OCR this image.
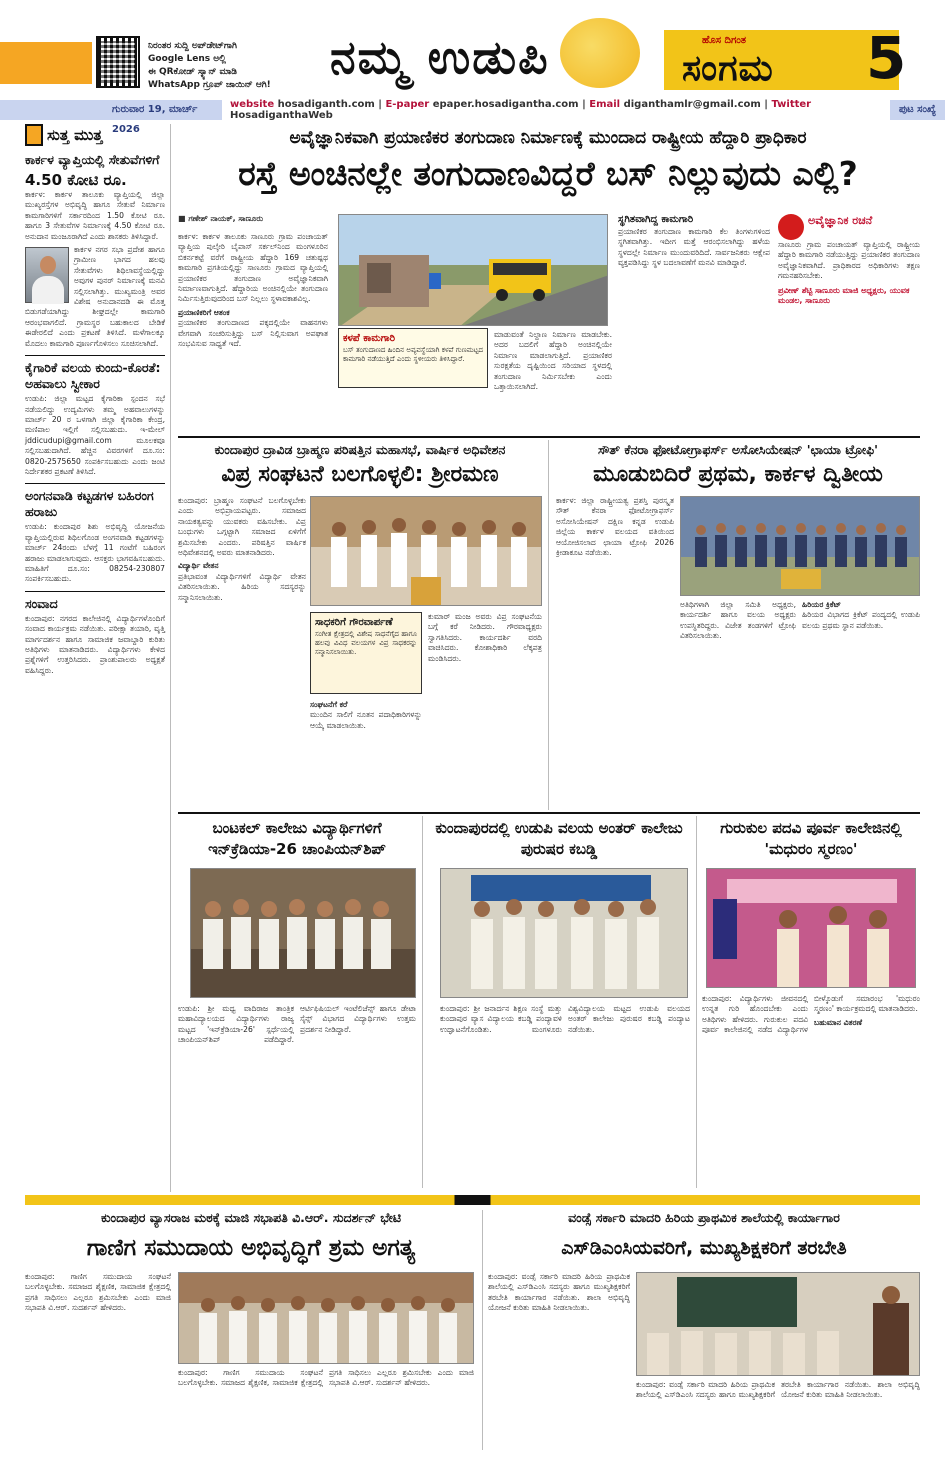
ನಿರಂತರ ಸುದ್ದಿ ಅಪ್‌ಡೇಟ್‌ಗಾಗಿ
Google Lens ಅಲ್ಲಿ
ಈ QRಕೋಡ್ ಸ್ಕ್ಯಾನ್ ಮಾಡಿ
WhatsApp ಗ್ರೂಪ್ ಜಾಯಿನ್ ಆಗಿ!
ನಮ್ಮ ಉಡುಪಿ	ಹೊಸ ದಿಗಂತ
ಸಂಗಮ 5
ಗುರುವಾರ 19, ಮಾರ್ಚ್ 2026
website hosadiganth.com | E-paper epaper.hosadigantha.com | Email diganthamlr@gmail.com | Twitter HosadiganthaWeb
ಪುಟ ಸಂಖ್ಯೆ
ಸುತ್ತ ಮುತ್ತ
ಕಾರ್ಕಳ ವ್ಯಾಪ್ತಿಯಲ್ಲಿ ಸೇತುವೆಗಳಿಗೆ
4.50 ಕೋಟಿ ರೂ.
ಕಾರ್ಕಳ: ಕಾರ್ಕಳ ತಾಲೂಕು ವ್ಯಾಪ್ತಿಯಲ್ಲಿ ಜಿಲ್ಲಾ ಮುಖ್ಯರಸ್ತೆಗಳ ಅಭಿವೃದ್ಧಿ ಹಾಗೂ ಸೇತುವೆ ನಿರ್ಮಾಣ ಕಾಮಗಾರಿಗಳಿಗೆ ಸರ್ಕಾರದಿಂದ 1.50 ಕೋಟಿ ರೂ. ಹಾಗೂ 3 ಸೇತುವೆಗಳ ನಿರ್ಮಾಣಕ್ಕೆ 4.50 ಕೋಟಿ ರೂ. ಅನುದಾನ ಮಂಜೂರಾಗಿದೆ ಎಂದು ಶಾಸಕರು ತಿಳಿಸಿದ್ದಾರೆ.
ಕಾರ್ಕಳ ನಗರ ಸಭಾ ಪ್ರದೇಶ ಹಾಗೂ ಗ್ರಾಮೀಣ ಭಾಗದ ಹಲವು ಸೇತುವೆಗಳು ಶಿಥಿಲಾವಸ್ಥೆಯಲ್ಲಿದ್ದು ಅವುಗಳ ಪುನರ್ ನಿರ್ಮಾಣಕ್ಕೆ ಮನವಿ ಸಲ್ಲಿಸಲಾಗಿತ್ತು. ಮುಖ್ಯಮಂತ್ರಿ ಅವರ ವಿಶೇಷ ಅನುದಾನದಡಿ ಈ ಮೊತ್ತ ಬಿಡುಗಡೆಯಾಗಿದ್ದು ಶೀಘ್ರದಲ್ಲೇ ಕಾಮಗಾರಿ ಆರಂಭವಾಗಲಿದೆ. ಗ್ರಾಮಸ್ಥರ ಬಹುಕಾಲದ ಬೇಡಿಕೆ ಈಡೇರಲಿದೆ ಎಂದು ಪ್ರಕಟಣೆ ತಿಳಿಸಿದೆ. ಮಳೆಗಾಲಕ್ಕೂ ಮೊದಲು ಕಾಮಗಾರಿ ಪೂರ್ಣಗೊಳಿಸಲು ಸೂಚಿಸಲಾಗಿದೆ.
ಕೈಗಾರಿಕೆ ವಲಯ ಕುಂದು-ಕೊರತೆ: ಅಹವಾಲು ಸ್ವೀಕಾರ
ಉಡುಪಿ: ಜಿಲ್ಲಾ ಮಟ್ಟದ ಕೈಗಾರಿಕಾ ಸ್ಪಂದನ ಸಭೆ ನಡೆಯಲಿದ್ದು ಉದ್ಯಮಿಗಳು ತಮ್ಮ ಅಹವಾಲುಗಳನ್ನು ಮಾರ್ಚ್ 20 ರ ಒಳಗಾಗಿ ಜಿಲ್ಲಾ ಕೈಗಾರಿಕಾ ಕೇಂದ್ರ, ಮಣಿಪಾಲ ಇಲ್ಲಿಗೆ ಸಲ್ಲಿಸಬಹುದು. ಇ-ಮೇಲ್ jddicudupi@gmail.com ಮೂಲಕವೂ ಸಲ್ಲಿಸಬಹುದಾಗಿದೆ. ಹೆಚ್ಚಿನ ವಿವರಗಳಿಗೆ ದೂ.ಸಂ: 0820-2575650 ಸಂಪರ್ಕಿಸಬಹುದು ಎಂದು ಜಂಟಿ ನಿರ್ದೇಶಕರ ಪ್ರಕಟಣೆ ತಿಳಿಸಿದೆ.
ಅಂಗನವಾಡಿ ಕಟ್ಟಡಗಳ ಬಹಿರಂಗ ಹರಾಜು
ಉಡುಪಿ: ಕುಂದಾಪುರ ಶಿಶು ಅಭಿವೃದ್ಧಿ ಯೋಜನೆಯ ವ್ಯಾಪ್ತಿಯಲ್ಲಿರುವ ಶಿಥಿಲಗೊಂಡ ಅಂಗನವಾಡಿ ಕಟ್ಟಡಗಳನ್ನು ಮಾರ್ಚ್ 24ರಂದು ಬೆಳಗ್ಗೆ 11 ಗಂಟೆಗೆ ಬಹಿರಂಗ ಹರಾಜು ಮಾಡಲಾಗುವುದು. ಆಸಕ್ತರು ಭಾಗವಹಿಸಬಹುದು. ಮಾಹಿತಿಗೆ ದೂ.ಸಂ: 08254-230807 ಸಂಪರ್ಕಿಸಬಹುದು.
ಸಂವಾದ
ಕುಂದಾಪುರ: ನಗರದ ಕಾಲೇಜಿನಲ್ಲಿ ವಿದ್ಯಾರ್ಥಿಗಳೊಂದಿಗೆ ಸಂವಾದ ಕಾರ್ಯಕ್ರಮ ನಡೆಯಿತು. ಪರೀಕ್ಷಾ ತಯಾರಿ, ವೃತ್ತಿ ಮಾರ್ಗದರ್ಶನ ಹಾಗೂ ಸಾಮಾಜಿಕ ಜವಾಬ್ದಾರಿ ಕುರಿತು ಅತಿಥಿಗಳು ಮಾತನಾಡಿದರು. ವಿದ್ಯಾರ್ಥಿಗಳು ಕೇಳಿದ ಪ್ರಶ್ನೆಗಳಿಗೆ ಉತ್ತರಿಸಿದರು. ಪ್ರಾಂಶುಪಾಲರು ಅಧ್ಯಕ್ಷತೆ ವಹಿಸಿದ್ದರು.
ಅವೈಜ್ಞಾನಿಕವಾಗಿ ಪ್ರಯಾಣಿಕರ ತಂಗುದಾಣ ನಿರ್ಮಾಣಕ್ಕೆ ಮುಂದಾದ ರಾಷ್ಟ್ರೀಯ ಹೆದ್ದಾರಿ ಪ್ರಾಧಿಕಾರ
ರಸ್ತೆ ಅಂಚಿನಲ್ಲೇ ತಂಗುದಾಣವಿದ್ದರೆ ಬಸ್ ನಿಲ್ಲುವುದು ಎಲ್ಲಿ?
■ ಗಣೇಶ್ ನಾಯಕ್, ಸಾಣೂರು
ಕಾರ್ಕಳ: ಕಾರ್ಕಳ ತಾಲೂಕು ಸಾಣೂರು ಗ್ರಾಮ ಪಂಚಾಯತ್ ವ್ಯಾಪ್ತಿಯ ಪುಲ್ಕೇರಿ ಬೈಪಾಸ್ ಸರ್ಕಲ್‌ನಿಂದ ಮಂಗಳೂರಿನ ಬಿಕರ್ನಕಟ್ಟೆ ವರೆಗೆ ರಾಷ್ಟ್ರೀಯ ಹೆದ್ದಾರಿ 169 ಚತುಷ್ಪಥ ಕಾಮಗಾರಿ ಪ್ರಗತಿಯಲ್ಲಿದ್ದು ಸಾಣೂರು ಗ್ರಾಮದ ವ್ಯಾಪ್ತಿಯಲ್ಲಿ ಪ್ರಯಾಣಿಕರ ತಂಗುದಾಣ ಅವೈಜ್ಞಾನಿಕವಾಗಿ ನಿರ್ಮಾಣವಾಗುತ್ತಿದೆ. ಹೆದ್ದಾರಿಯ ಅಂಚಿನಲ್ಲಿಯೇ ತಂಗುದಾಣ ನಿರ್ಮಿಸುತ್ತಿರುವುದರಿಂದ ಬಸ್ ನಿಲ್ಲಲು ಸ್ಥಳಾವಕಾಶವಿಲ್ಲ.
ಪ್ರಯಾಣಿಕರಿಗೆ ಆತಂಕ
ಪ್ರಯಾಣಿಕರ ತಂಗುದಾಣದ ಪಕ್ಕದಲ್ಲಿಯೇ ವಾಹನಗಳು ವೇಗವಾಗಿ ಸಂಚರಿಸುತ್ತಿದ್ದು ಬಸ್ ನಿಲ್ಲಿಸುವಾಗ ಅಪಘಾತ ಸಂಭವಿಸುವ ಸಾಧ್ಯತೆ ಇದೆ.	ಕಳಪೆ ಕಾಮಗಾರಿ
ಬಸ್ ತಂಗುದಾಣದ ಹಿಂದಿನ ಅವ್ಯವಸ್ಥೆಯಾಗಿ ಕಳಪೆ ಗುಣಮಟ್ಟದ ಕಾಮಗಾರಿ ನಡೆಯುತ್ತಿದೆ ಎಂದು ಸ್ಥಳೀಯರು ತಿಳಿಸಿದ್ದಾರೆ.
ಮಾಡುವಂತೆ ನಿಲ್ದಾಣ ನಿರ್ಮಾಣ ಮಾಡಬೇಕು. ಅದರ ಬದಲಿಗೆ ಹೆದ್ದಾರಿ ಅಂಚಿನಲ್ಲಿಯೇ ನಿರ್ಮಾಣ ಮಾಡಲಾಗುತ್ತಿದೆ. ಪ್ರಯಾಣಿಕರ ಸುರಕ್ಷತೆಯ ದೃಷ್ಟಿಯಿಂದ ಸರಿಯಾದ ಸ್ಥಳದಲ್ಲಿ ತಂಗುದಾಣ ನಿರ್ಮಿಸಬೇಕು ಎಂದು ಒತ್ತಾಯಿಸಲಾಗಿದೆ.
ಸ್ಥಗಿತವಾಗಿದ್ದ ಕಾಮಗಾರಿ
ಪ್ರಯಾಣಿಕರ ತಂಗುದಾಣ ಕಾಮಗಾರಿ ಕೆಲ ತಿಂಗಳುಗಳಿಂದ ಸ್ಥಗಿತವಾಗಿತ್ತು. ಇದೀಗ ಮತ್ತೆ ಆರಂಭಿಸಲಾಗಿದ್ದು ಹಳೆಯ ಸ್ಥಳದಲ್ಲೇ ನಿರ್ಮಾಣ ಮುಂದುವರಿದಿದೆ. ಸಾರ್ವಜನಿಕರು ಆಕ್ಷೇಪ ವ್ಯಕ್ತಪಡಿಸಿದ್ದು ಸ್ಥಳ ಬದಲಾವಣೆಗೆ ಮನವಿ ಮಾಡಿದ್ದಾರೆ.
ಅವೈಜ್ಞಾನಿಕ ರಚನೆ
ಸಾಣೂರು ಗ್ರಾಮ ಪಂಚಾಯತ್ ವ್ಯಾಪ್ತಿಯಲ್ಲಿ ರಾಷ್ಟ್ರೀಯ ಹೆದ್ದಾರಿ ಕಾಮಗಾರಿ ನಡೆಯುತ್ತಿದ್ದು ಪ್ರಯಾಣಿಕರ ತಂಗುದಾಣ ಅವೈಜ್ಞಾನಿಕವಾಗಿದೆ. ಪ್ರಾಧಿಕಾರದ ಅಧಿಕಾರಿಗಳು ತಕ್ಷಣ ಗಮನಹರಿಸಬೇಕು.
ಪ್ರವೀಣ್ ಶೆಟ್ಟಿ ಸಾಣೂರು ಮಾಜಿ ಅಧ್ಯಕ್ಷರು, ಯುವಕ ಮಂಡಲ, ಸಾಣೂರು
ಕುಂದಾಪುರ ದ್ರಾವಿಡ ಬ್ರಾಹ್ಮಣ ಪರಿಷತ್ತಿನ ಮಹಾಸಭೆ, ವಾರ್ಷಿಕ ಅಧಿವೇಶನ
ವಿಪ್ರ ಸಂಘಟನೆ ಬಲಗೊಳ್ಳಲಿ: ಶ್ರೀರಮಣ
ಕುಂದಾಪುರ: ಬ್ರಾಹ್ಮಣ ಸಂಘಟನೆ ಬಲಗೊಳ್ಳಬೇಕು ಎಂದು ಅಭಿಪ್ರಾಯಪಟ್ಟರು. ಸಮಾಜದ ನಾಯಕತ್ವವನ್ನು ಯುವಕರು ವಹಿಸಬೇಕು. ವಿಪ್ರ ಬಂಧುಗಳು ಒಗ್ಗಟ್ಟಾಗಿ ಸಮಾಜದ ಏಳಿಗೆಗೆ ಶ್ರಮಿಸಬೇಕು ಎಂದರು. ಪರಿಷತ್ತಿನ ವಾರ್ಷಿಕ ಅಧಿವೇಶನದಲ್ಲಿ ಅವರು ಮಾತನಾಡಿದರು.
ವಿದ್ಯಾರ್ಥಿ ವೇತನ
ಪ್ರತಿಭಾವಂತ ವಿದ್ಯಾರ್ಥಿಗಳಿಗೆ ವಿದ್ಯಾರ್ಥಿ ವೇತನ ವಿತರಿಸಲಾಯಿತು. ಹಿರಿಯ ಸದಸ್ಯರನ್ನು ಸನ್ಮಾನಿಸಲಾಯಿತು.
ಸಾಧಕರಿಗೆ ಗೌರವಾರ್ಪಣೆ
ಸಂಗೀತ ಕ್ಷೇತ್ರದಲ್ಲಿ ವಿಶೇಷ ಸಾಧನೆಗೈದ ಹಾಗೂ ಹಲವು ವಿವಿಧ ವಲಯಗಳ ವಿಪ್ರ ಸಾಧಕರನ್ನು ಸನ್ಮಾನಿಸಲಾಯಿತು.
ಕುಮಾರ್ ಮಂಜ ಅವರು ವಿಪ್ರ ಸಂಘಟನೆಯ ಬಗ್ಗೆ ಕರೆ ನೀಡಿದರು. ಗೌರವಾಧ್ಯಕ್ಷರು ಸ್ವಾಗತಿಸಿದರು. ಕಾರ್ಯದರ್ಶಿ ವರದಿ ವಾಚಿಸಿದರು. ಕೋಶಾಧಿಕಾರಿ ಲೆಕ್ಕಪತ್ರ ಮಂಡಿಸಿದರು.
ಸಂಘಟನೆಗೆ ಕರೆ
ಮುಂದಿನ ಸಾಲಿಗೆ ನೂತನ ಪದಾಧಿಕಾರಿಗಳನ್ನು ಆಯ್ಕೆ ಮಾಡಲಾಯಿತು.
ಸೌತ್ ಕೆನರಾ ಫೋಟೋಗ್ರಾಫರ್ಸ್ ಅಸೋಸಿಯೇಷನ್ 'ಛಾಯಾ ಟ್ರೋಫಿ'
ಮೂಡುಬಿದಿರೆ ಪ್ರಥಮ, ಕಾರ್ಕಳ ದ್ವಿತೀಯ
ಕಾರ್ಕಳ: ಜಿಲ್ಲಾ ರಾಷ್ಟ್ರೀಯತ್ವ ಪ್ರಶಸ್ತಿ ಪುರಸ್ಕೃತ ಸೌತ್ ಕೆನರಾ ಫೋಟೋಗ್ರಾಫರ್ಸ್ ಅಸೋಸಿಯೇಷನ್ ದಕ್ಷಿಣ ಕನ್ನಡ ಉಡುಪಿ ಜಿಲ್ಲೆಯ ಕಾರ್ಕಳ ವಲಯದ ವತಿಯಿಂದ ಆಯೋಜಿಸಲಾದ ಛಾಯಾ ಟ್ರೋಫಿ 2026 ಕ್ರೀಡಾಕೂಟ ನಡೆಯಿತು.
ಅತಿಥಿಗಳಾಗಿ ಜಿಲ್ಲಾ ಸಮಿತಿ ಅಧ್ಯಕ್ಷರು, ಕಾರ್ಯದರ್ಶಿ ಹಾಗೂ ವಲಯ ಅಧ್ಯಕ್ಷರು ಉಪಸ್ಥಿತರಿದ್ದರು. ವಿಜೇತ ತಂಡಗಳಿಗೆ ಟ್ರೋಫಿ ವಿತರಿಸಲಾಯಿತು.
ಹಿರಿಯರ ಕ್ರಿಕೆಟ್
ಹಿರಿಯರ ವಿಭಾಗದ ಕ್ರಿಕೆಟ್ ಪಂದ್ಯದಲ್ಲಿ ಉಡುಪಿ ವಲಯ ಪ್ರಥಮ ಸ್ಥಾನ ಪಡೆಯಿತು.
ಬಂಟಕಲ್ ಕಾಲೇಜು ವಿದ್ಯಾರ್ಥಿಗಳಿಗೆ ಇನ್‌ಕ್ರೆಡಿಯಾ-26 ಚಾಂಪಿಯನ್‌ಶಿಪ್
ಉಡುಪಿ: ಶ್ರೀ ಮಧ್ವ ವಾದಿರಾಜ ತಾಂತ್ರಿಕ ಮಹಾವಿದ್ಯಾಲಯದ ವಿದ್ಯಾರ್ಥಿಗಳು ರಾಜ್ಯ ಮಟ್ಟದ 'ಇನ್‌ಕ್ರೆಡಿಯಾ-26' ಸ್ಪರ್ಧೆಯಲ್ಲಿ ಚಾಂಪಿಯನ್‌ಶಿಪ್ ಪಡೆದಿದ್ದಾರೆ. ಆರ್ಟಿಫಿಷಿಯಲ್ ಇಂಟೆಲಿಜೆನ್ಸ್ ಹಾಗೂ ಡೇಟಾ ಸೈನ್ಸ್ ವಿಭಾಗದ ವಿದ್ಯಾರ್ಥಿಗಳು ಉತ್ತಮ ಪ್ರದರ್ಶನ ನೀಡಿದ್ದಾರೆ.
ಕುಂದಾಪುರದಲ್ಲಿ ಉಡುಪಿ ವಲಯ ಅಂತರ್ ಕಾಲೇಜು ಪುರುಷರ ಕಬಡ್ಡಿ
ಕುಂದಾಪುರ: ಶ್ರೀ ಜನಾರ್ದನ ಶಿಕ್ಷಣ ಸಂಸ್ಥೆ ಮತ್ತು ಕುಂದಾಪುರ ವ್ಯಾಸ ವಿದ್ಯಾಲಯ ಕಬಡ್ಡಿ ಪಂದ್ಯಾವಳಿ ಉದ್ಘಾಟನೆಗೊಂಡಿತು. ಮಂಗಳೂರು ವಿಶ್ವವಿದ್ಯಾಲಯ ಮಟ್ಟದ ಉಡುಪಿ ವಲಯದ ಅಂತರ್ ಕಾಲೇಜು ಪುರುಷರ ಕಬಡ್ಡಿ ಪಂದ್ಯಾಟ ನಡೆಯಿತು.
ಗುರುಕುಲ ಪದವಿ ಪೂರ್ವ ಕಾಲೇಜಿನಲ್ಲಿ 'ಮಧುರಂ ಸ್ಮರಣಂ'
ಕುಂದಾಪುರ: ವಿದ್ಯಾರ್ಥಿಗಳು ಜೀವನದಲ್ಲಿ ಉನ್ನತ ಗುರಿ ಹೊಂದಬೇಕು ಎಂದು ಅತಿಥಿಗಳು ಹೇಳಿದರು. ಗುರುಕುಲ ಪದವಿ ಪೂರ್ವ ಕಾಲೇಜಿನಲ್ಲಿ ನಡೆದ ವಿದ್ಯಾರ್ಥಿಗಳ ಬೀಳ್ಕೊಡುಗೆ ಸಮಾರಂಭ 'ಮಧುರಂ ಸ್ಮರಣಂ' ಕಾರ್ಯಕ್ರಮದಲ್ಲಿ ಮಾತನಾಡಿದರು.
ಬಹುಮಾನ ವಿತರಣೆ
ಕುಂದಾಪುರ ವ್ಯಾಸರಾಜ ಮಠಕ್ಕೆ ಮಾಜಿ ಸಭಾಪತಿ ವಿ.ಆರ್. ಸುದರ್ಶನ್ ಭೇಟಿ
ಗಾಣಿಗ ಸಮುದಾಯ ಅಭಿವೃದ್ಧಿಗೆ ಶ್ರಮ ಅಗತ್ಯ
ಕುಂದಾಪುರ: ಗಾಣಿಗ ಸಮುದಾಯ ಸಂಘಟನೆ ಬಲಗೊಳ್ಳಬೇಕು. ಸಮಾಜದ ಶೈಕ್ಷಣಿಕ, ಸಾಮಾಜಿಕ ಕ್ಷೇತ್ರದಲ್ಲಿ ಪ್ರಗತಿ ಸಾಧಿಸಲು ಎಲ್ಲರೂ ಶ್ರಮಿಸಬೇಕು ಎಂದು ಮಾಜಿ ಸಭಾಪತಿ ವಿ.ಆರ್. ಸುದರ್ಶನ್ ಹೇಳಿದರು.
ಕುಂದಾಪುರ: ಗಾಣಿಗ ಸಮುದಾಯ ಸಂಘಟನೆ ಬಲಗೊಳ್ಳಬೇಕು. ಸಮಾಜದ ಶೈಕ್ಷಣಿಕ, ಸಾಮಾಜಿಕ ಕ್ಷೇತ್ರದಲ್ಲಿ ಪ್ರಗತಿ ಸಾಧಿಸಲು ಎಲ್ಲರೂ ಶ್ರಮಿಸಬೇಕು ಎಂದು ಮಾಜಿ ಸಭಾಪತಿ ವಿ.ಆರ್. ಸುದರ್ಶನ್ ಹೇಳಿದರು.
ವಂಡ್ಸೆ ಸರ್ಕಾರಿ ಮಾದರಿ ಹಿರಿಯ ಪ್ರಾಥಮಿಕ ಶಾಲೆಯಲ್ಲಿ ಕಾರ್ಯಾಗಾರ
ಎಸ್‌ಡಿಎಂಸಿಯವರಿಗೆ, ಮುಖ್ಯಶಿಕ್ಷಕರಿಗೆ ತರಬೇತಿ
ಕುಂದಾಪುರ: ವಂಡ್ಸೆ ಸರ್ಕಾರಿ ಮಾದರಿ ಹಿರಿಯ ಪ್ರಾಥಮಿಕ ಶಾಲೆಯಲ್ಲಿ ಎಸ್‌ಡಿಎಂಸಿ ಸದಸ್ಯರು ಹಾಗೂ ಮುಖ್ಯಶಿಕ್ಷಕರಿಗೆ ತರಬೇತಿ ಕಾರ್ಯಾಗಾರ ನಡೆಯಿತು. ಶಾಲಾ ಅಭಿವೃದ್ಧಿ ಯೋಜನೆ ಕುರಿತು ಮಾಹಿತಿ ನೀಡಲಾಯಿತು.
ಕುಂದಾಪುರ: ವಂಡ್ಸೆ ಸರ್ಕಾರಿ ಮಾದರಿ ಹಿರಿಯ ಪ್ರಾಥಮಿಕ ಶಾಲೆಯಲ್ಲಿ ಎಸ್‌ಡಿಎಂಸಿ ಸದಸ್ಯರು ಹಾಗೂ ಮುಖ್ಯಶಿಕ್ಷಕರಿಗೆ ತರಬೇತಿ ಕಾರ್ಯಾಗಾರ ನಡೆಯಿತು. ಶಾಲಾ ಅಭಿವೃದ್ಧಿ ಯೋಜನೆ ಕುರಿತು ಮಾಹಿತಿ ನೀಡಲಾಯಿತು.
